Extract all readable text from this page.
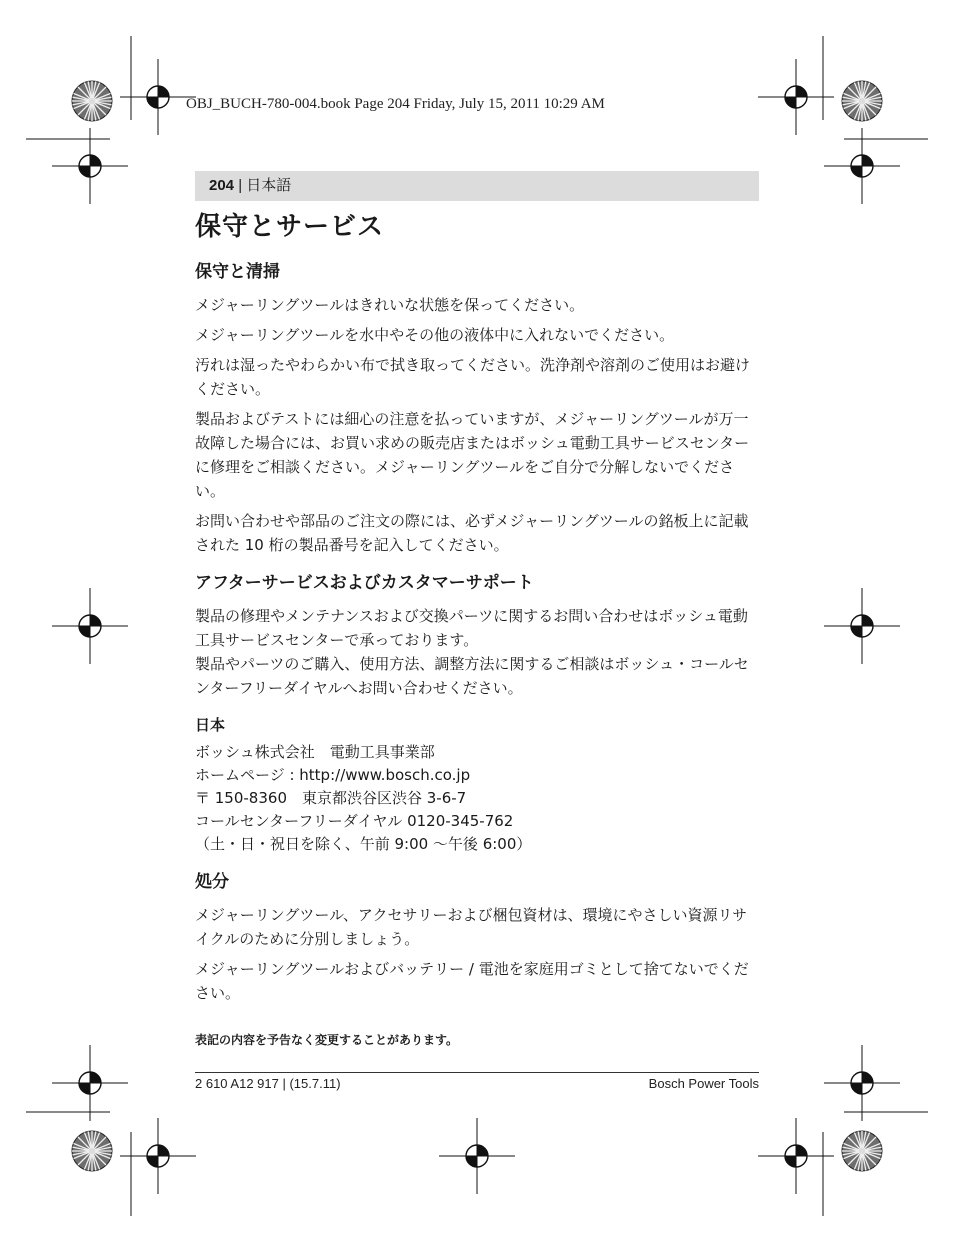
OBJ_BUCH-780-004.book Page 204 Friday, July 15, 2011 10:29 AM
204 | 日本語
保守とサービス
保守と清掃

メジャーリングツールはきれいな状態を保ってください。

メジャーリングツールを水中やその他の液体中に入れないでください。

汚れは湿ったやわらかい布で拭き取ってください。洗浄剤や溶剤のご使用はお避けください。

製品およびテストには細心の注意を払っていますが、メジャーリングツールが万一故障した場合には、お買い求めの販売店またはボッシュ電動工具サービスセンターに修理をご相談ください。メジャーリングツールをご自分で分解しないでください。

お問い合わせや部品のご注文の際には、必ずメジャーリングツールの銘板上に記載された 10 桁の製品番号を記入してください。

アフターサービスおよびカスタマーサポート

製品の修理やメンテナンスおよび交換パーツに関するお問い合わせはボッシュ電動工具サービスセンターで承っております。

製品やパーツのご購入、使用方法、調整方法に関するご相談はボッシュ・コールセンターフリーダイヤルへお問い合わせください。

日本
ボッシュ株式会社　電動工具事業部
ホームページ : http://www.bosch.co.jp
〒 150-8360　東京都渋谷区渋谷 3-6-7
コールセンターフリーダイヤル 0120-345-762
（土・日・祝日を除く、午前 9:00 〜午後 6:00）
処分

メジャーリングツール、アクセサリーおよび梱包資材は、環境にやさしい資源リサイクルのために分別しましょう。

メジャーリングツールおよびバッテリー / 電池を家庭用ゴミとして捨てないでください。

表記の内容を予告なく変更することがあります。
2 610 A12 917 | (15.7.11)	Bosch Power Tools
